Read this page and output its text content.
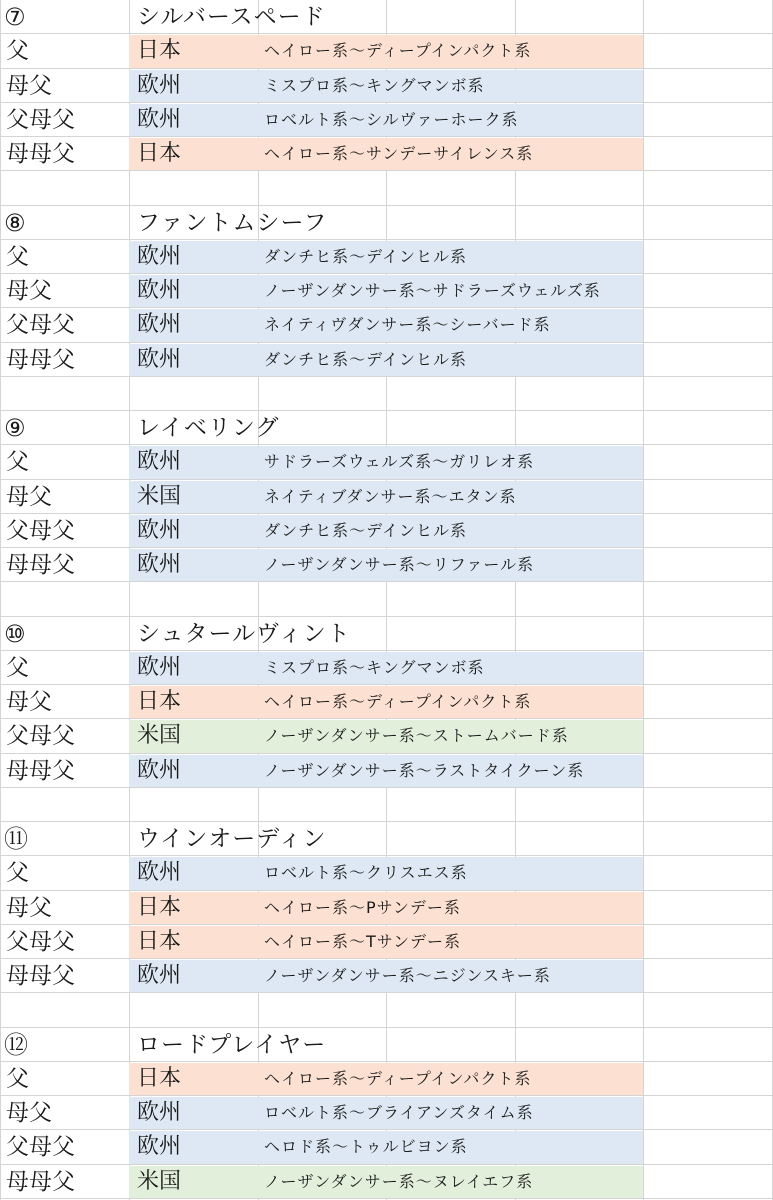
⑦	シルバースペード
父	日本	ヘイロー系～ディープインパクト系
母父	欧州	ミスプロ系～キングマンボ系
父母父	欧州	ロベルト系～シルヴァーホーク系
母母父	日本	ヘイロー系～サンデーサイレンス系
⑧	ファントムシーフ
父	欧州	ダンチヒ系～デインヒル系
母父	欧州	ノーザンダンサー系～サドラーズウェルズ系
父母父	欧州	ネイティヴダンサー系～シーバード系
母母父	欧州	ダンチヒ系～デインヒル系
⑨	レイベリング
父	欧州	サドラーズウェルズ系～ガリレオ系
母父	米国	ネイティブダンサー系～エタン系
父母父	欧州	ダンチヒ系～デインヒル系
母母父	欧州	ノーザンダンサー系～リファール系
⑩	シュタールヴィント
父	欧州	ミスプロ系～キングマンボ系
母父	日本	ヘイロー系～ディープインパクト系
父母父	米国	ノーザンダンサー系～ストームバード系
母母父	欧州	ノーザンダンサー系～ラストタイクーン系
⑪	ウインオーディン
父	欧州	ロベルト系～クリスエス系
母父	日本	ヘイロー系～Pサンデー系
父母父	日本	ヘイロー系～Tサンデー系
母母父	欧州	ノーザンダンサー系～ニジンスキー系
⑫	ロードプレイヤー
父	日本	ヘイロー系～ディープインパクト系
母父	欧州	ロベルト系～ブライアンズタイム系
父母父	欧州	ヘロド系～トゥルビヨン系
母母父	米国	ノーザンダンサー系～ヌレイエフ系
